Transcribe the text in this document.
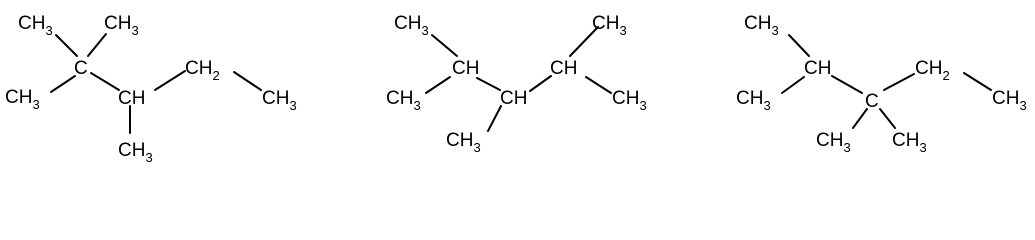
$CH_3$	$CH_3$
C
$CH_3$	CH
$CH_2$
$CH_3$
$CH_3$
$CH_3$
CH
$CH_3$	CH
$CH_3$
CH
$CH_3$
$CH_3$
$CH_3$
CH
$CH_3$	C
$CH_3$ $CH_3$
$CH_2$
$CH_3$
